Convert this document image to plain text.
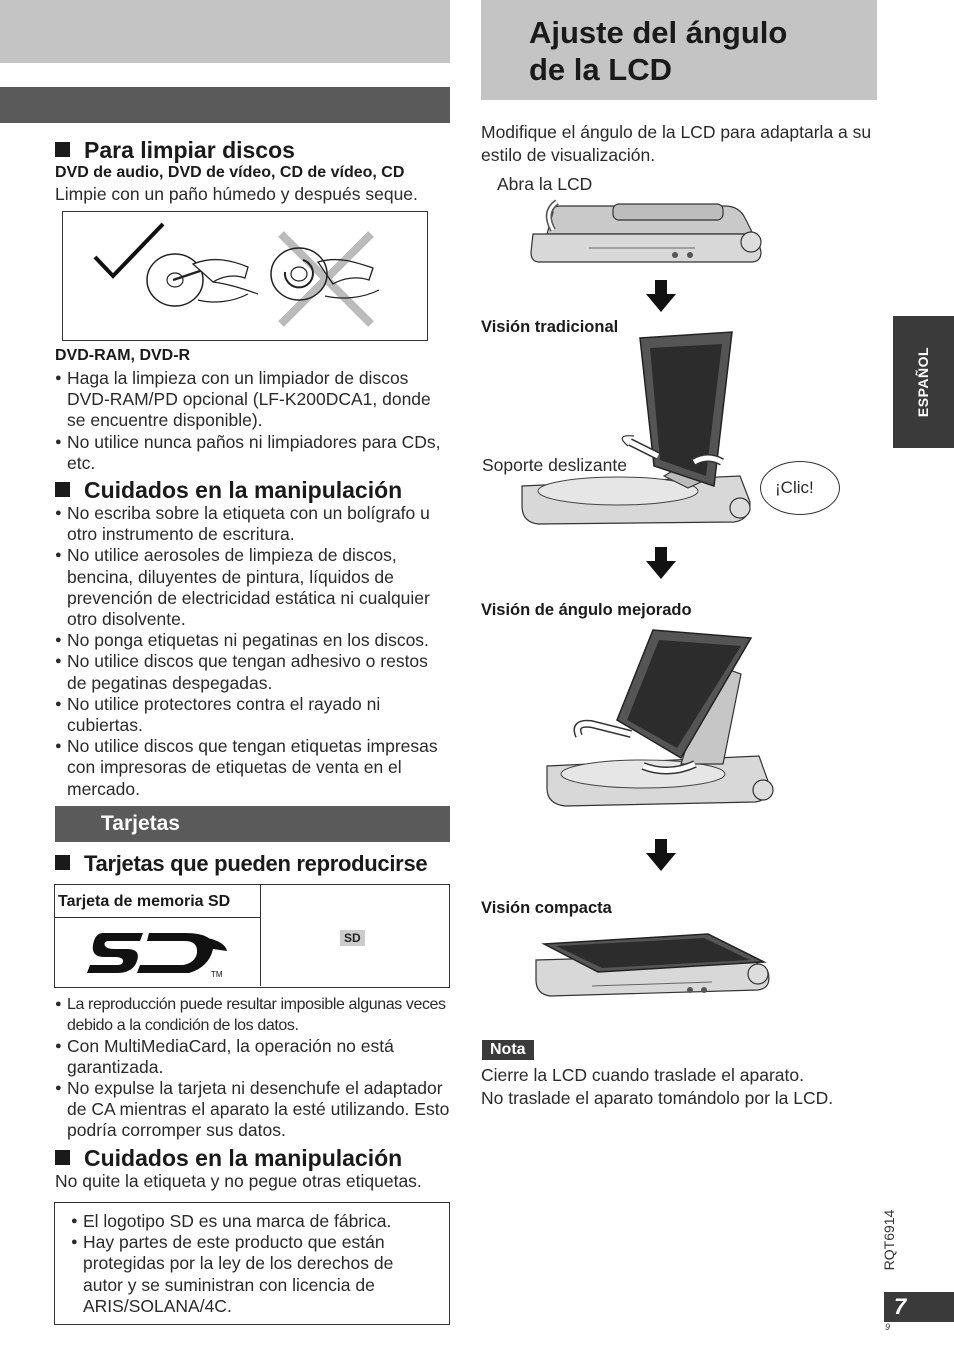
Para limpiar discos
DVD de audio, DVD de vídeo, CD de vídeo, CD
Limpie con un paño húmedo y después seque.
DVD-RAM, DVD-R
● Haga la limpieza con un limpiador de discos DVD-RAM/PD opcional (LF-K200DCA1, donde se encuentre disponible).
● No utilice nunca paños ni limpiadores para CDs, etc.
Cuidados en la manipulación
● No escriba sobre la etiqueta con un bolígrafo u otro instrumento de escritura.
● No utilice aerosoles de limpieza de discos, bencina, diluyentes de pintura, líquidos de prevención de electricidad estática ni cualquier otro disolvente.
● No ponga etiquetas ni pegatinas en los discos.
● No utilice discos que tengan adhesivo o restos de pegatinas despegadas.
● No utilice protectores contra el rayado ni cubiertas.
● No utilice discos que tengan etiquetas impresas con impresoras de etiquetas de venta en el mercado.
Tarjetas
Tarjetas que pueden reproducirse
Tarjeta de memoria SD
TM
SD
● La reproducción puede resultar imposible algunas veces debido a la condición de los datos.
● Con MultiMediaCard, la operación no está garantizada.
● No expulse la tarjeta ni desenchufe el adaptador de CA mientras el aparato la esté utilizando. Esto podría corromper sus datos.
Cuidados en la manipulación
No quite la etiqueta y no pegue otras etiquetas.
● El logotipo SD es una marca de fábrica.
● Hay partes de este producto que están protegidas por la ley de los derechos de autor y se suministran con licencia de ARIS/SOLANA/4C.
Ajuste del ángulo
de la LCD
Modifique el ángulo de la LCD para adaptarla a su estilo de visualización.
Abra la LCD
Visión tradicional
Soporte deslizante
¡Clic!
Visión de ángulo mejorado
Visión compacta
Nota
Cierre la LCD cuando traslade el aparato.
No traslade el aparato tomándolo por la LCD.
ESPAÑOL
RQT6914
7
9
